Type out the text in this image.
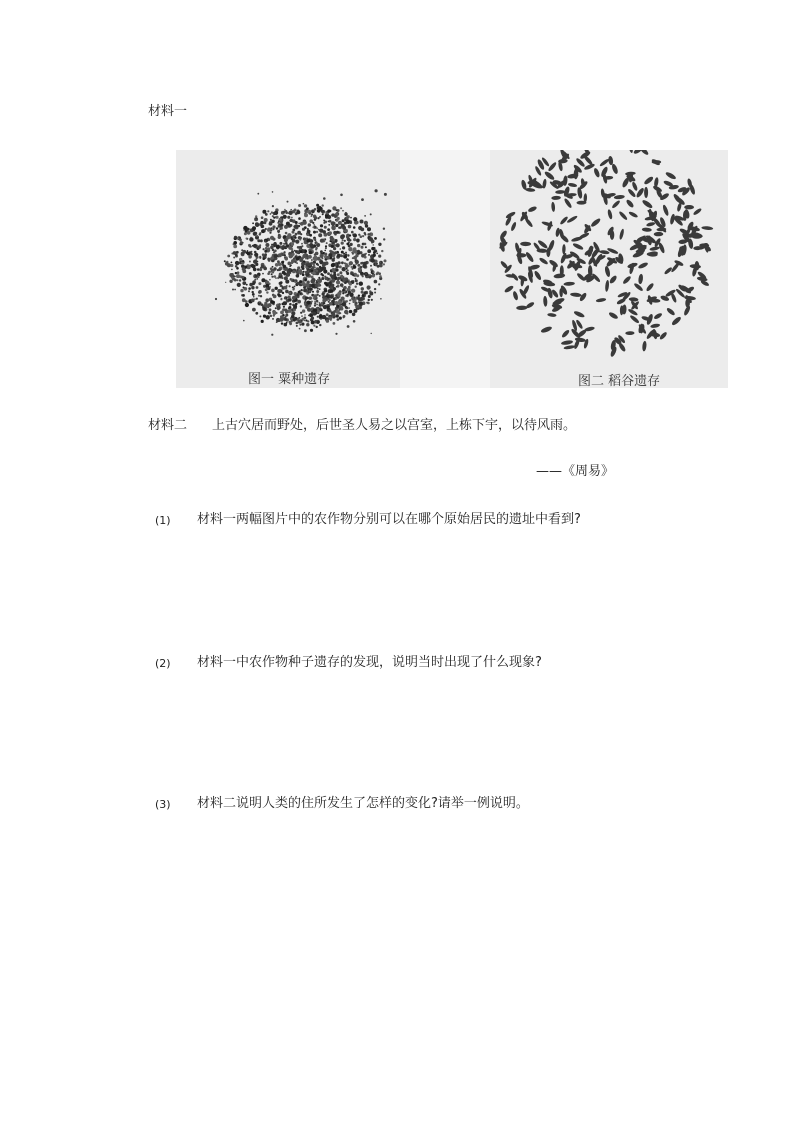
材料一
图一 粟种遗存	图二 稻谷遗存
材料二 上古穴居而野处，后世圣人易之以宫室，上栋下宇，以待风雨。
——《周易》
(1) 材料一两幅图片中的农作物分别可以在哪个原始居民的遗址中看到?
(2) 材料一中农作物种子遗存的发现，说明当时出现了什么现象?
(3) 材料二说明人类的住所发生了怎样的变化?请举一例说明。
